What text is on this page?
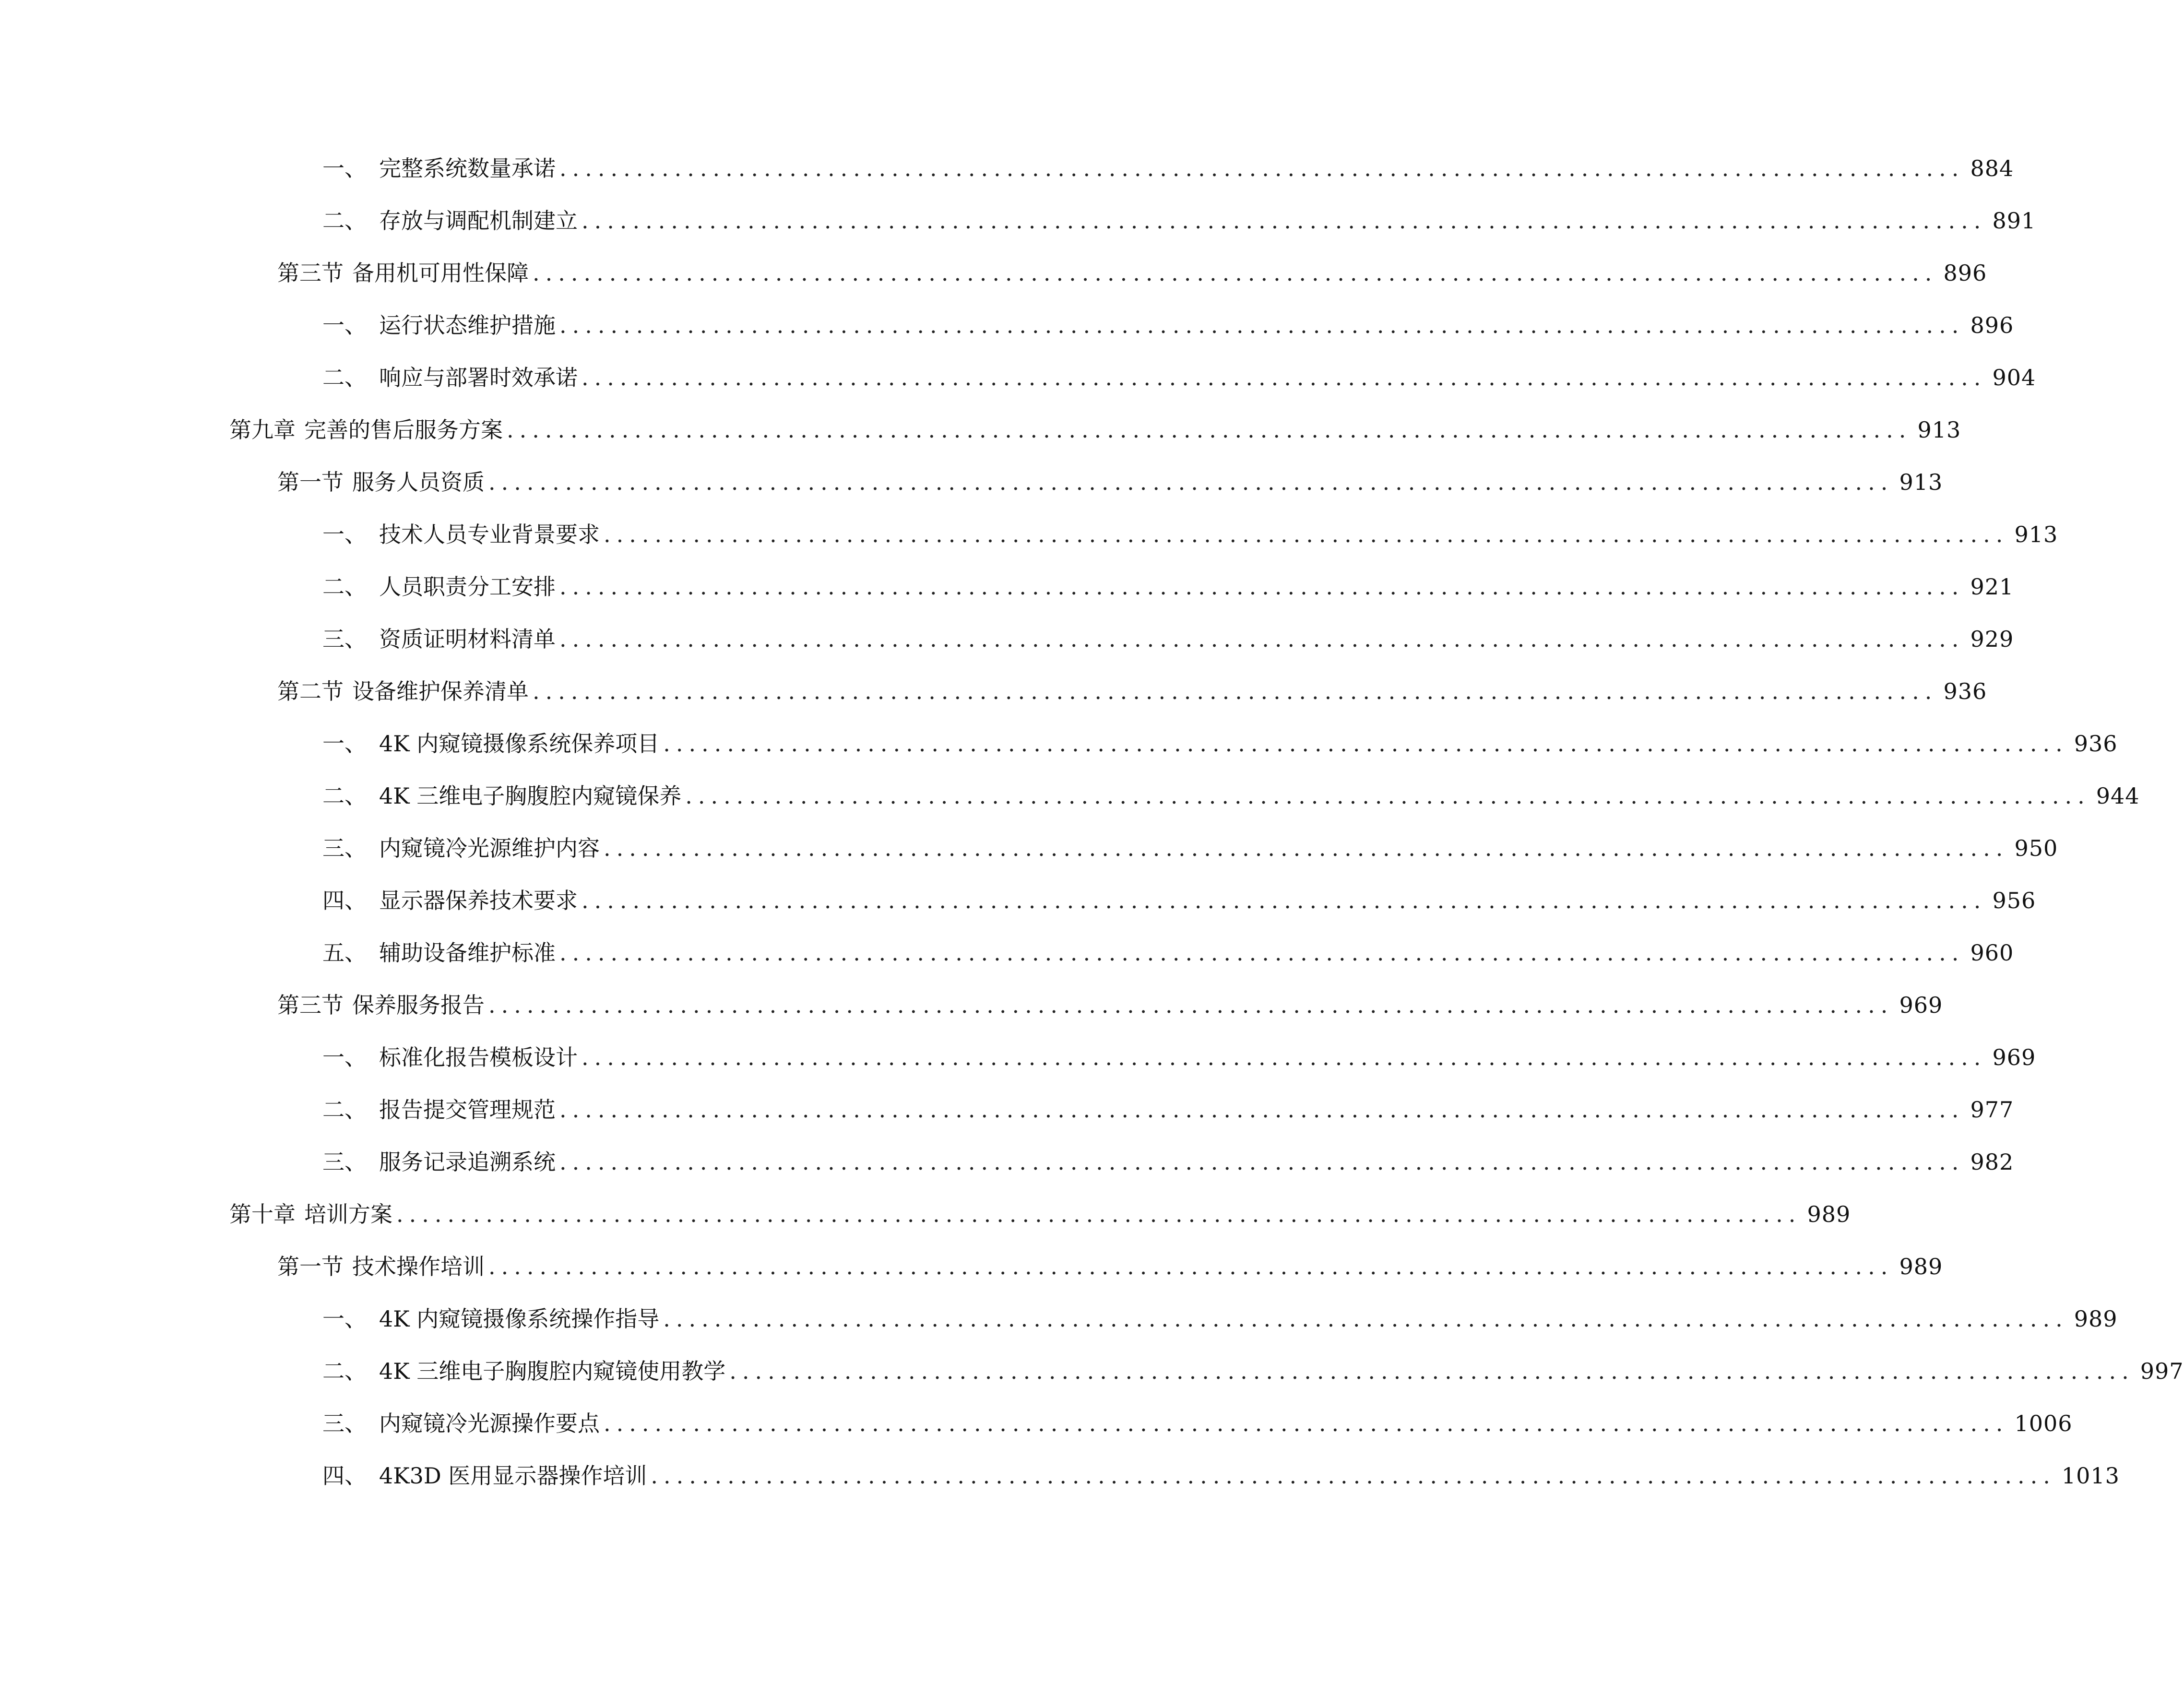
一、 完整系统数量承诺 .............................................................................................................. 884
二、 存放与调配机制建立 .............................................................................................................. 891
第三节 备用机可用性保障 .............................................................................................................. 896
一、 运行状态维护措施 .............................................................................................................. 896
二、 响应与部署时效承诺 .............................................................................................................. 904
第九章 完善的售后服务方案 .............................................................................................................. 913
第一节 服务人员资质 .............................................................................................................. 913
一、 技术人员专业背景要求 .............................................................................................................. 913
二、 人员职责分工安排 .............................................................................................................. 921
三、 资质证明材料清单 .............................................................................................................. 929
第二节 设备维护保养清单 .............................................................................................................. 936
一、 4K 内窥镜摄像系统保养项目 .............................................................................................................. 936
二、 4K 三维电子胸腹腔内窥镜保养 .............................................................................................................. 944
三、 内窥镜冷光源维护内容 .............................................................................................................. 950
四、 显示器保养技术要求 .............................................................................................................. 956
五、 辅助设备维护标准 .............................................................................................................. 960
第三节 保养服务报告 .............................................................................................................. 969
一、 标准化报告模板设计 .............................................................................................................. 969
二、 报告提交管理规范 .............................................................................................................. 977
三、 服务记录追溯系统 .............................................................................................................. 982
第十章 培训方案 .............................................................................................................. 989
第一节 技术操作培训 .............................................................................................................. 989
一、 4K 内窥镜摄像系统操作指导 .............................................................................................................. 989
二、 4K 三维电子胸腹腔内窥镜使用教学 .............................................................................................................. 997
三、 内窥镜冷光源操作要点 .............................................................................................................. 1006
四、 4K3D 医用显示器操作培训 .............................................................................................................. 1013
